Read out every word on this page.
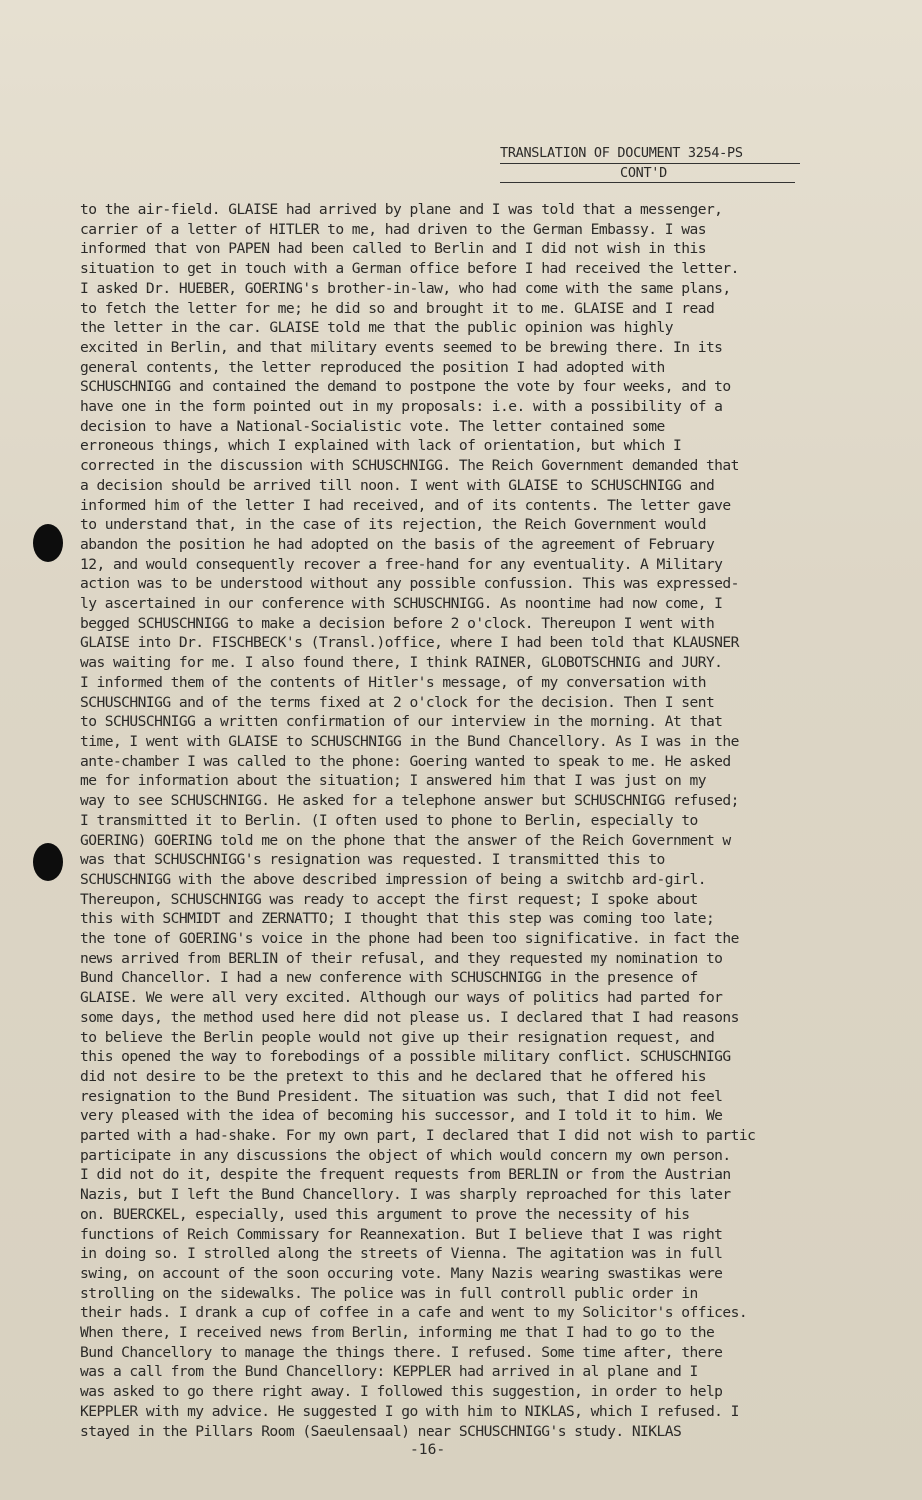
TRANSLATION OF DOCUMENT 3254-PS
CONT'D
to the air-field. GLAISE had arrived by plane and I was told that a messenger,
carrier of a letter of HITLER to me, had driven to the German Embassy. I was
informed that von PAPEN had been called to Berlin and I did not wish in this
situation to get in touch with a German office before I had received the letter.
I asked Dr. HUEBER, GOERING's brother-in-law, who had come with the same plans,
to fetch the letter for me; he did so and brought it to me. GLAISE and I read
the letter in the car. GLAISE told me that the public opinion was highly
excited in Berlin, and that military events seemed to be brewing there. In its
general contents, the letter reproduced the position I had adopted with
SCHUSCHNIGG and contained the demand to postpone the vote by four weeks, and to
have one in the form pointed out in my proposals: i.e. with a possibility of a
decision to have a National-Socialistic vote. The letter contained some
erroneous things, which I explained with lack of orientation, but which I
corrected in the discussion with SCHUSCHNIGG. The Reich Government demanded that
a decision should be arrived till noon. I went with GLAISE to SCHUSCHNIGG and
informed him of the letter I had received, and of its contents. The letter gave
to understand that, in the case of its rejection, the Reich Government would
abandon the position he had adopted on the basis of the agreement of February
12, and would consequently recover a free-hand for any eventuality. A Military
action was to be understood without any possible confussion. This was expressed-
ly ascertained in our conference with SCHUSCHNIGG. As noontime had now come, I
begged SCHUSCHNIGG to make a decision before 2 o'clock. Thereupon I went with
GLAISE into Dr. FISCHBECK's (Transl.)office, where I had been told that KLAUSNER
was waiting for me. I also found there, I think RAINER, GLOBOTSCHNIG and JURY.
I informed them of the contents of Hitler's message, of my conversation with
SCHUSCHNIGG and of the terms fixed at 2 o'clock for the decision. Then I sent
to SCHUSCHNIGG a written confirmation of our interview in the morning. At that
time, I went with GLAISE to SCHUSCHNIGG in the Bund Chancellory. As I was in the
ante-chamber I was called to the phone: Goering wanted to speak to me. He asked
me for information about the situation; I answered him that I was just on my
way to see SCHUSCHNIGG. He asked for a telephone answer but SCHUSCHNIGG refused;
I transmitted it to Berlin. (I often used to phone to Berlin, especially to
GOERING) GOERING told me on the phone that the answer of the Reich Government w
was that SCHUSCHNIGG's resignation was requested. I transmitted this to
SCHUSCHNIGG with the above described impression of being a switchb ard-girl.
Thereupon, SCHUSCHNIGG was ready to accept the first request; I spoke about
this with SCHMIDT and ZERNATTO; I thought that this step was coming too late;
the tone of GOERING's voice in the phone had been too significative. in fact the
news arrived from BERLIN of their refusal, and they requested my nomination to
Bund Chancellor. I had a new conference with SCHUSCHNIGG in the presence of
GLAISE. We were all very excited. Although our ways of politics had parted for
some days, the method used here did not please us. I declared that I had reasons
to believe the Berlin people would not give up their resignation request, and
this opened the way to forebodings of a possible military conflict. SCHUSCHNIGG
did not desire to be the pretext to this and he declared that he offered his
resignation to the Bund President. The situation was such, that I did not feel
very pleased with the idea of becoming his successor, and I told it to him. We
parted with a had-shake. For my own part, I declared that I did not wish to partic
participate in any discussions the object of which would concern my own person.
I did not do it, despite the frequent requests from BERLIN or from the Austrian
Nazis, but I left the Bund Chancellory. I was sharply reproached for this later
on. BUERCKEL, especially, used this argument to prove the necessity of his
functions of Reich Commissary for Reannexation. But I believe that I was right
in doing so. I strolled along the streets of Vienna. The agitation was in full
swing, on account of the soon occuring vote. Many Nazis wearing swastikas were
strolling on the sidewalks. The police was in full controll public order in
their hads. I drank a cup of coffee in a cafe and went to my Solicitor's offices.
When there, I received news from Berlin, informing me that I had to go to the
Bund Chancellory to manage the things there. I refused. Some time after, there
was a call from the Bund Chancellory: KEPPLER had arrived in al plane and I
was asked to go there right away. I followed this suggestion, in order to help
KEPPLER with my advice. He suggested I go with him to NIKLAS, which I refused. I
stayed in the Pillars Room (Saeulensaal) near SCHUSCHNIGG's study. NIKLAS
-16-
